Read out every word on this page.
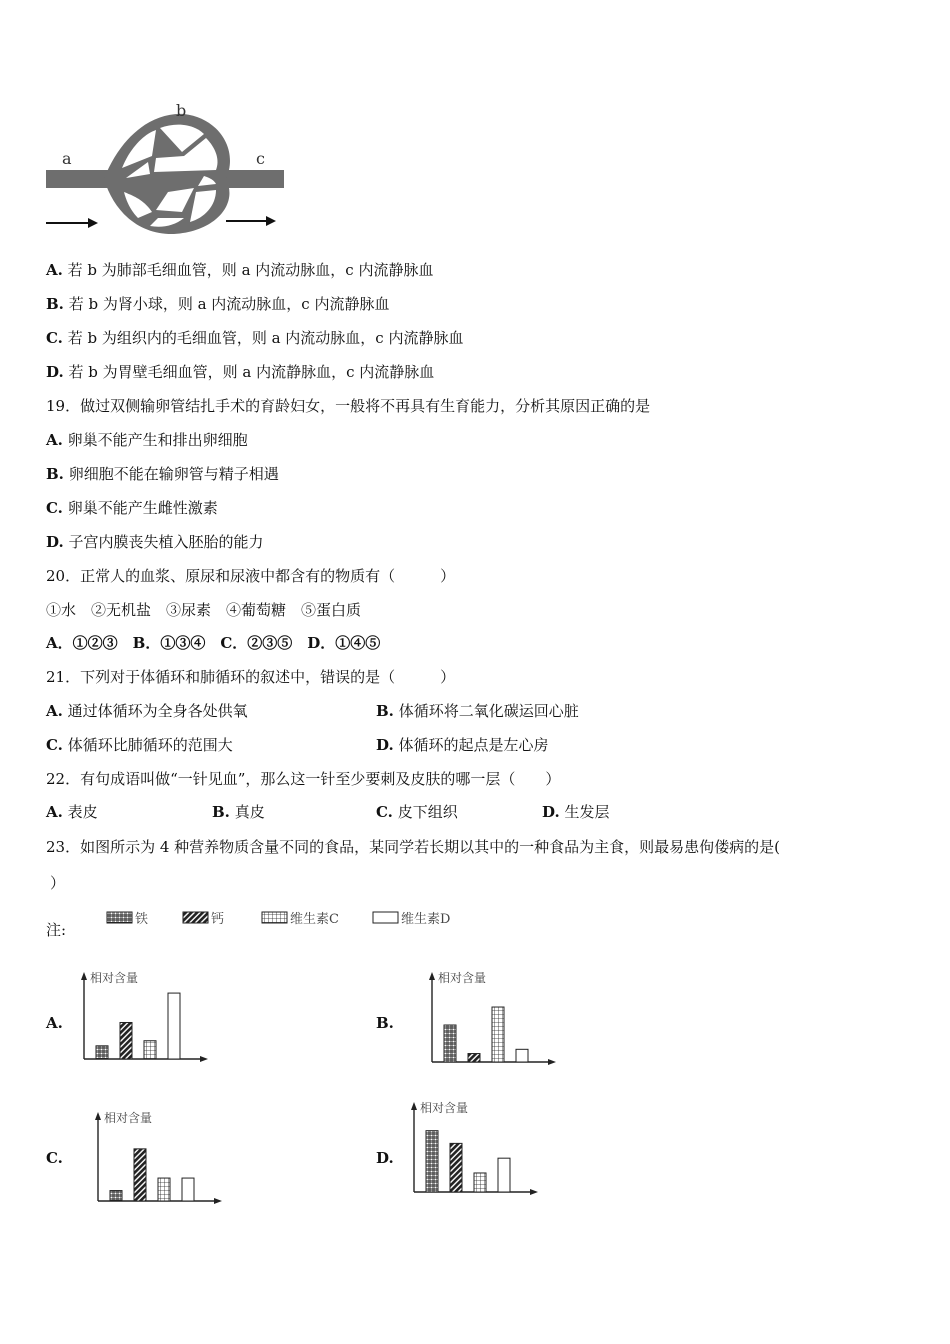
a
b
c
A. 若 b 为肺部毛细血管，则 a 内流动脉血，c 内流静脉血
B. 若 b 为肾小球，则 a 内流动脉血，c 内流静脉血
C. 若 b 为组织内的毛细血管，则 a 内流动脉血，c 内流静脉血
D. 若 b 为胃壁毛细血管，则 a 内流静脉血，c 内流静脉血
19．做过双侧输卵管结扎手术的育龄妇女，一般将不再具有生育能力，分析其原因正确的是
A. 卵巢不能产生和排出卵细胞
B. 卵细胞不能在输卵管与精子相遇
C. 卵巢不能产生雌性激素
D. 子宫内膜丧失植入胚胎的能力
20．正常人的血浆、原尿和尿液中都含有的物质有（　　　）
①水　②无机盐　③尿素　④葡萄糖　⑤蛋白质
A．①②③　B．①③④　C．②③⑤　D．①④⑤
21．下列对于体循环和肺循环的叙述中，错误的是（　　　）
A. 通过体循环为全身各处供氧	B. 体循环将二氧化碳运回心脏
C. 体循环比肺循环的范围大	D. 体循环的起点是左心房
22．有句成语叫做“一针见血”，那么这一针至少要刺及皮肤的哪一层（　　）
A. 表皮	B. 真皮	C. 皮下组织	D. 生发层
23．如图所示为 4 种营养物质含量不同的食品，某同学若长期以其中的一种食品为主食，则最易患佝偻病的是(
）
注:
铁	钙	维生素C	维生素D
A.	B.
C.	D.
相对含量	相对含量
相对含量
相对含量
